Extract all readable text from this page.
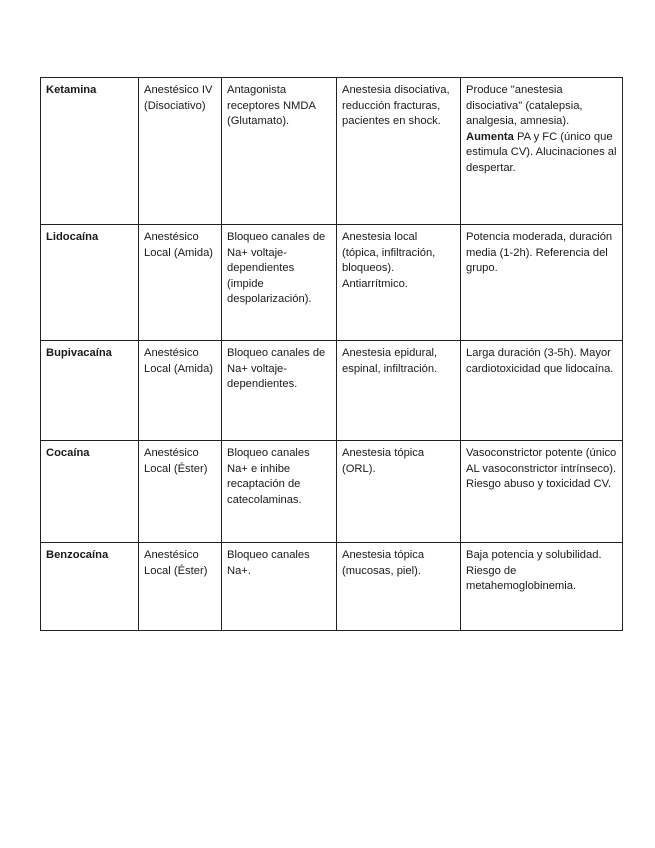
Ketamina	Anestésico IV (Disociativo)	Antagonista receptores NMDA (Glutamato).	Anestesia disociativa, reducción fracturas, pacientes en shock.	Produce "anestesia disociativa" (catalepsia, analgesia, amnesia).
Aumenta PA y FC (único que estimula CV). Alucinaciones al despertar.
Lidocaína	Anestésico Local (Amida)	Bloqueo canales de Na+ voltaje-dependientes (impide despolarización).	Anestesia local (tópica, infiltración, bloqueos). Antiarrítmico.	Potencia moderada, duración media (1-2h). Referencia del grupo.
Bupivacaína	Anestésico Local (Amida)	Bloqueo canales de Na+ voltaje-dependientes.	Anestesia epidural, espinal, infiltración.	Larga duración (3-5h). Mayor cardiotoxicidad que lidocaína.
Cocaína	Anestésico Local (Éster)	Bloqueo canales Na+ e inhibe recaptación de catecolaminas.	Anestesia tópica (ORL).	Vasoconstrictor potente (único AL vasoconstrictor intrínseco). Riesgo abuso y toxicidad CV.
Benzocaína	Anestésico Local (Éster)	Bloqueo canales Na+.	Anestesia tópica (mucosas, piel).	Baja potencia y solubilidad. Riesgo de metahemoglobinemia.
